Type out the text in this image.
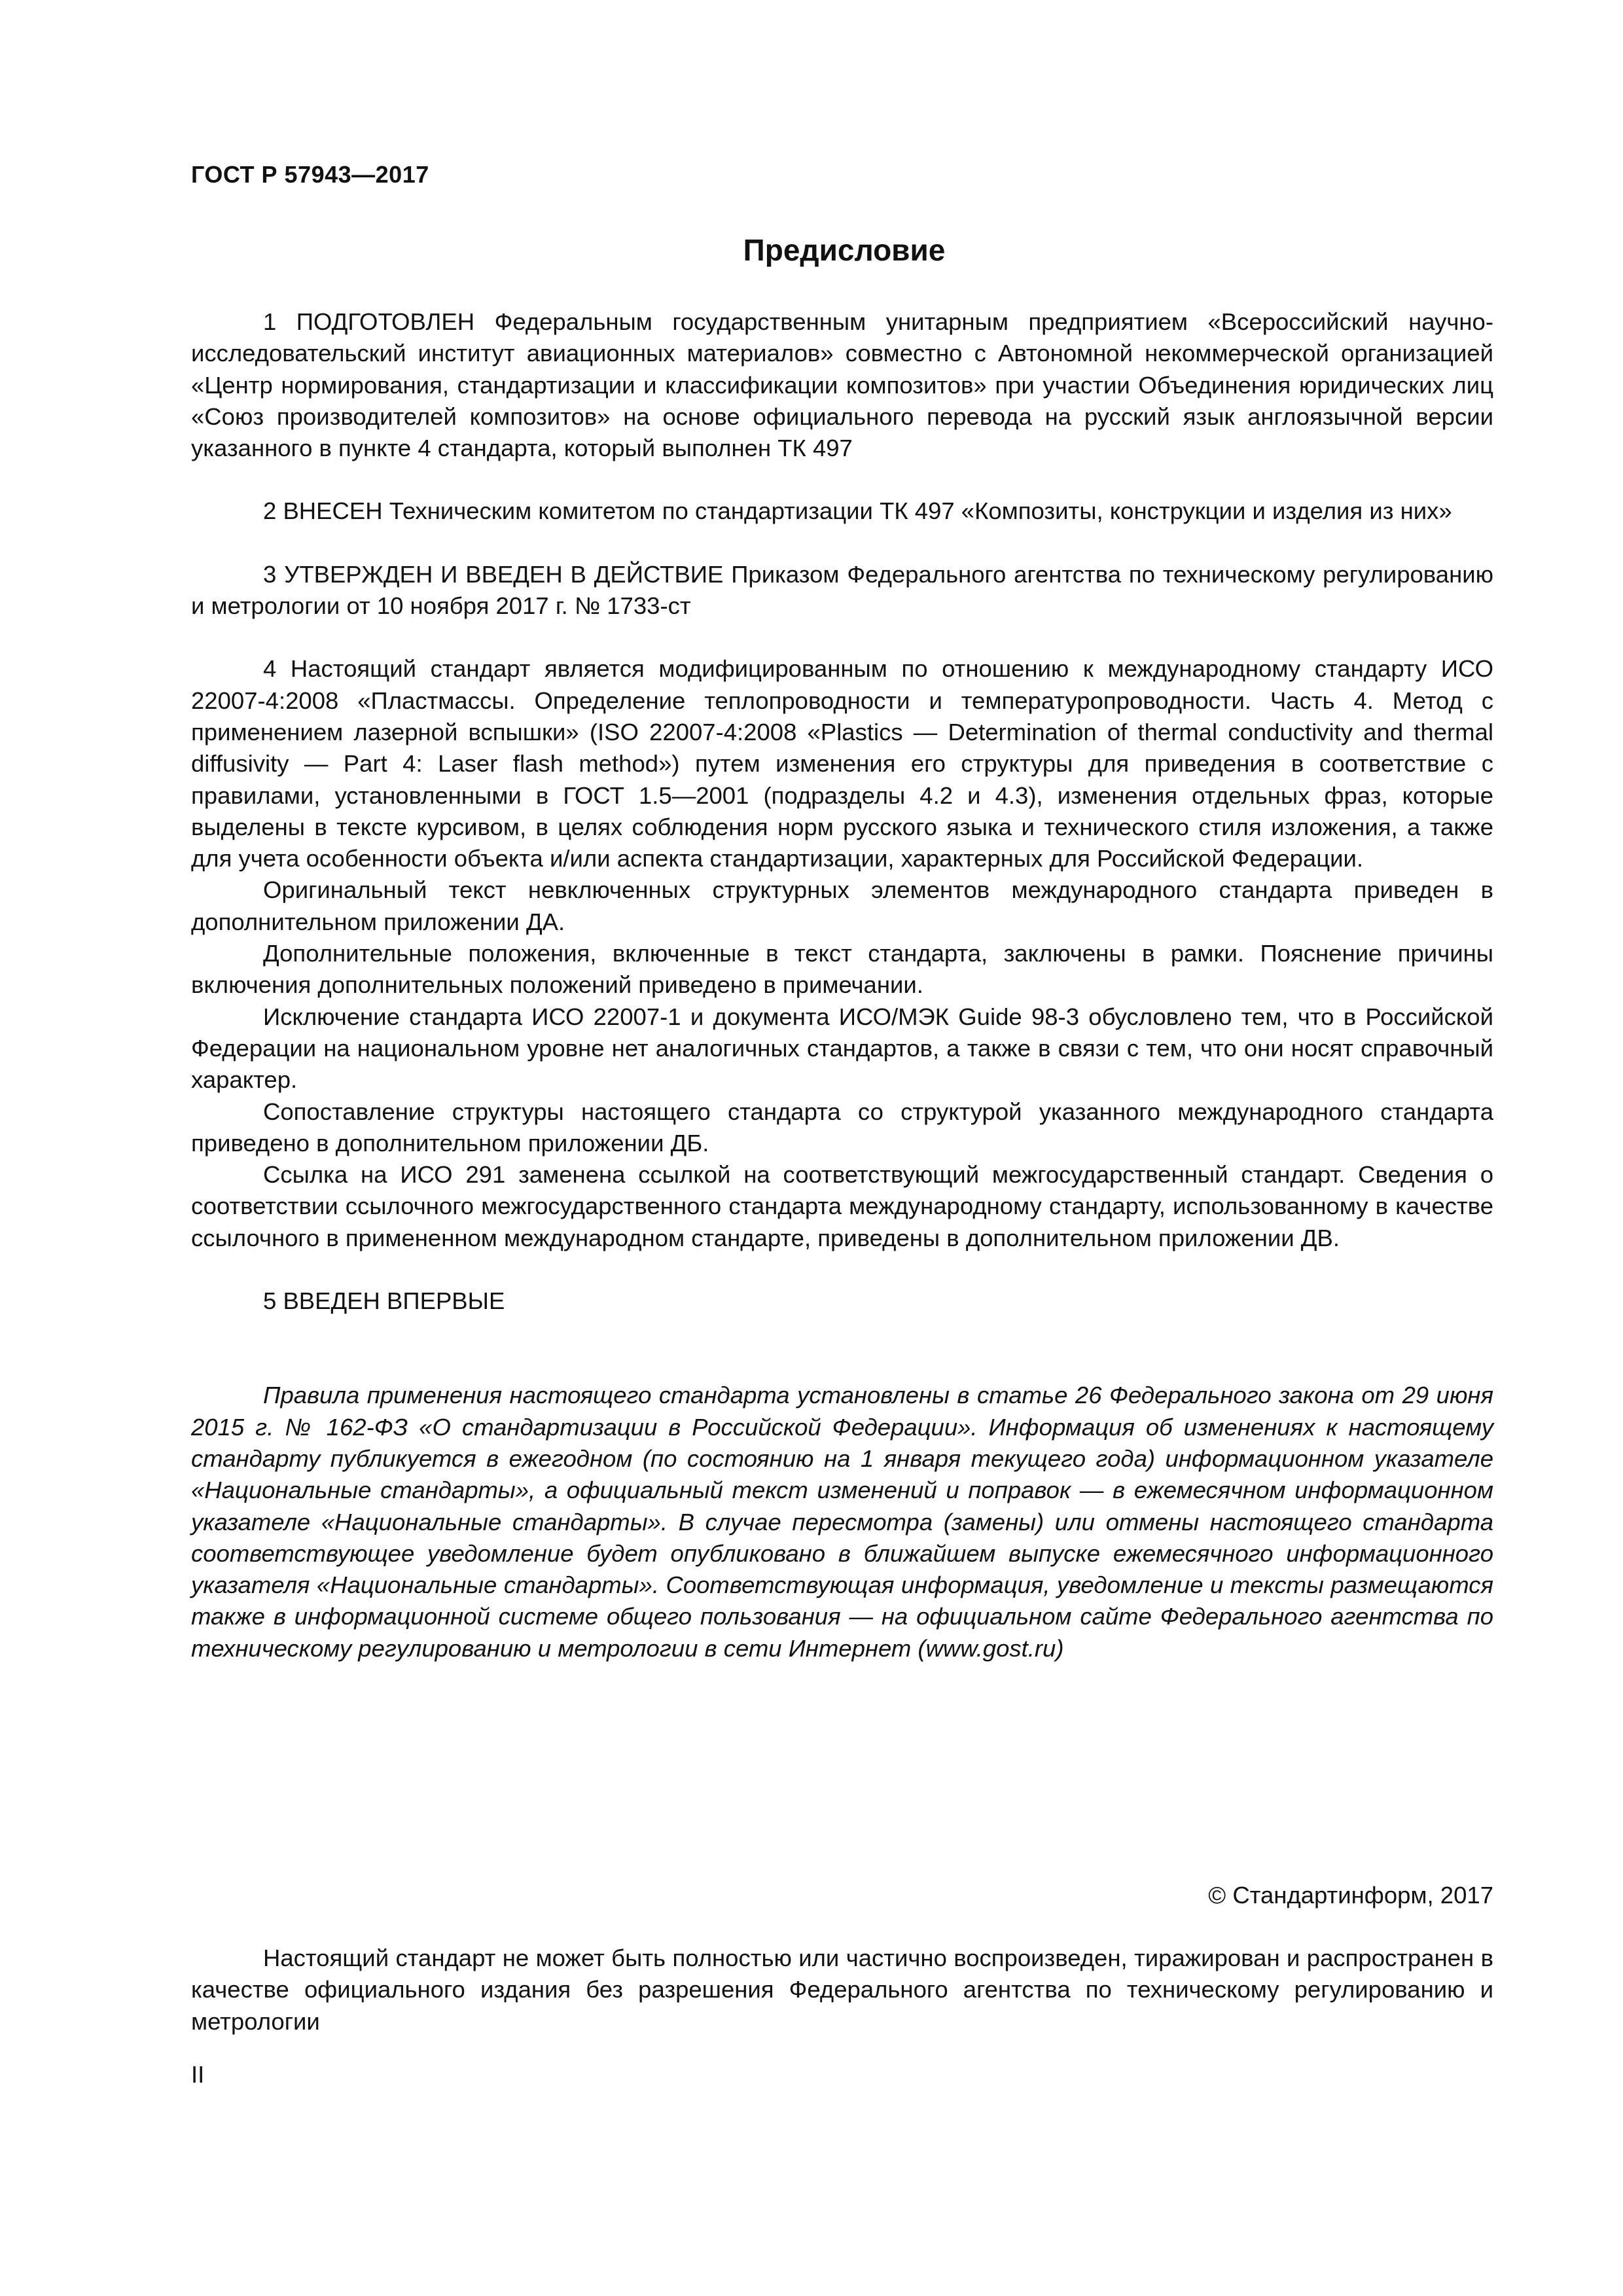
ГОСТ Р 57943—2017
Предисловие

1 ПОДГОТОВЛЕН Федеральным государственным унитарным предприятием «Всероссийский научно-исследовательский институт авиационных материалов» совместно с Автономной некоммерческой организацией «Центр нормирования, стандартизации и классификации композитов» при участии Объединения юридических лиц «Союз производителей композитов» на основе официального перевода на русский язык англоязычной версии указанного в пункте 4 стандарта, который выполнен ТК 497

2 ВНЕСЕН Техническим комитетом по стандартизации ТК 497 «Композиты, конструкции и изделия из них»

3 УТВЕРЖДЕН И ВВЕДЕН В ДЕЙСТВИЕ Приказом Федерального агентства по техническому регулированию и метрологии от 10 ноября 2017 г. № 1733-ст

4 Настоящий стандарт является модифицированным по отношению к международному стандарту ИСО 22007-4:2008 «Пластмассы. Определение теплопроводности и температуропроводности. Часть 4. Метод с применением лазерной вспышки» (ISO 22007-4:2008 «Plastics — Determination of thermal conductivity and thermal diffusivity — Part 4: Laser flash method») путем изменения его структуры для приведения в соответствие с правилами, установленными в ГОСТ 1.5—2001 (подразделы 4.2 и 4.3), изменения отдельных фраз, которые выделены в тексте курсивом, в целях соблюдения норм русского языка и технического стиля изложения, а также для учета особенности объекта и/или аспекта стандартизации, характерных для Российской Федерации.

Оригинальный текст невключенных структурных элементов международного стандарта приведен в дополнительном приложении ДА.

Дополнительные положения, включенные в текст стандарта, заключены в рамки. Пояснение причины включения дополнительных положений приведено в примечании.

Исключение стандарта ИСО 22007-1 и документа ИСО/МЭК Guide 98-3 обусловлено тем, что в Российской Федерации на национальном уровне нет аналогичных стандартов, а также в связи с тем, что они носят справочный характер.

Сопоставление структуры настоящего стандарта со структурой указанного международного стандарта приведено в дополнительном приложении ДБ.

Ссылка на ИСО 291 заменена ссылкой на соответствующий межгосударственный стандарт. Сведения о соответствии ссылочного межгосударственного стандарта международному стандарту, использованному в качестве ссылочного в примененном международном стандарте, приведены в дополнительном приложении ДВ.

5 ВВЕДЕН ВПЕРВЫЕ

Правила применения настоящего стандарта установлены в статье 26 Федерального закона от 29 июня 2015 г. № 162-ФЗ «О стандартизации в Российской Федерации». Информация об изменениях к настоящему стандарту публикуется в ежегодном (по состоянию на 1 января текущего года) информационном указателе «Национальные стандарты», а официальный текст изменений и поправок — в ежемесячном информационном указателе «Национальные стандарты». В случае пересмотра (замены) или отмены настоящего стандарта соответствующее уведомление будет опубликовано в ближайшем выпуске ежемесячного информационного указателя «Национальные стандарты». Соответствующая информация, уведомление и тексты размещаются также в информационной системе общего пользования — на официальном сайте Федерального агентства по техническому регулированию и метрологии в сети Интернет (www.gost.ru)

© Стандартинформ, 2017

Настоящий стандарт не может быть полностью или частично воспроизведен, тиражирован и распространен в качестве официального издания без разрешения Федерального агентства по техническому регулированию и метрологии

II
